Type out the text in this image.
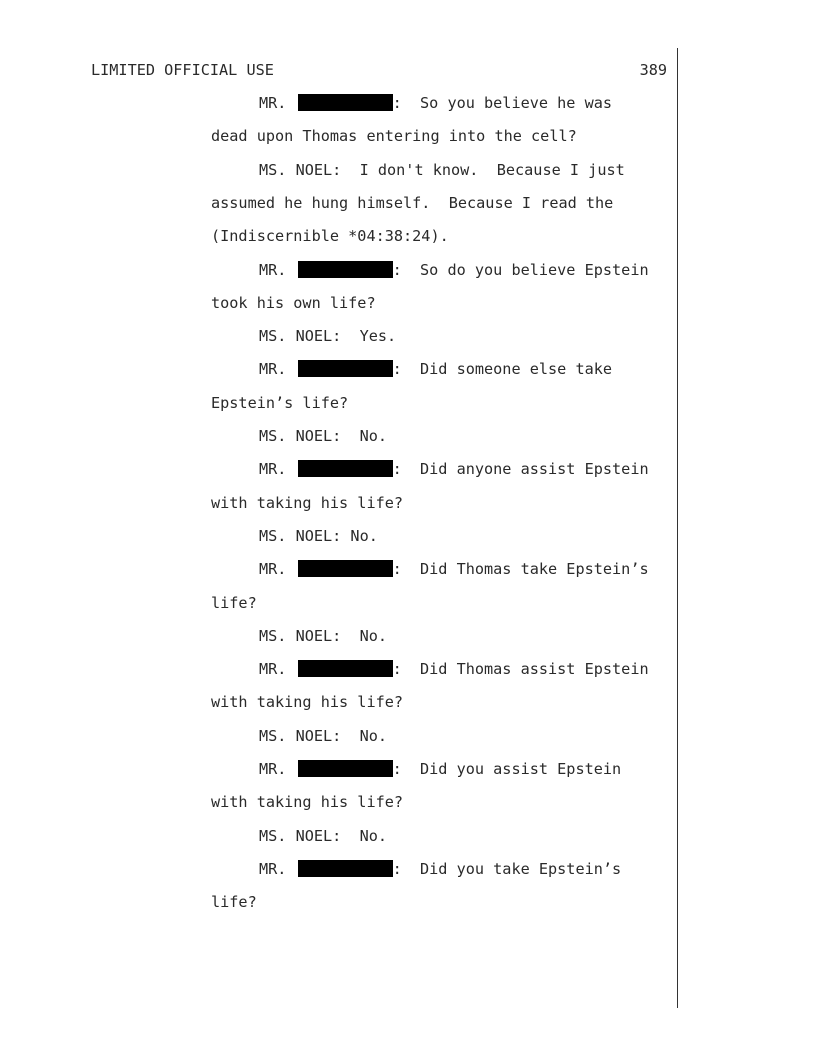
LIMITED OFFICIAL USE	389
MR.	:  So you believe he was
dead upon Thomas entering into the cell?
MS. NOEL:  I don't know.  Because I just
assumed he hung himself.  Because I read the
(Indiscernible *04:38:24).
MR.	:  So do you believe Epstein
took his own life?
MS. NOEL:  Yes.
MR.	:  Did someone else take
Epstein’s life?
MS. NOEL:  No.
MR.	:  Did anyone assist Epstein
with taking his life?
MS. NOEL: No.
MR.	:  Did Thomas take Epstein’s
life?
MS. NOEL:  No.
MR.	:  Did Thomas assist Epstein
with taking his life?
MS. NOEL:  No.
MR.	:  Did you assist Epstein
with taking his life?
MS. NOEL:  No.
MR.	:  Did you take Epstein’s
life?
